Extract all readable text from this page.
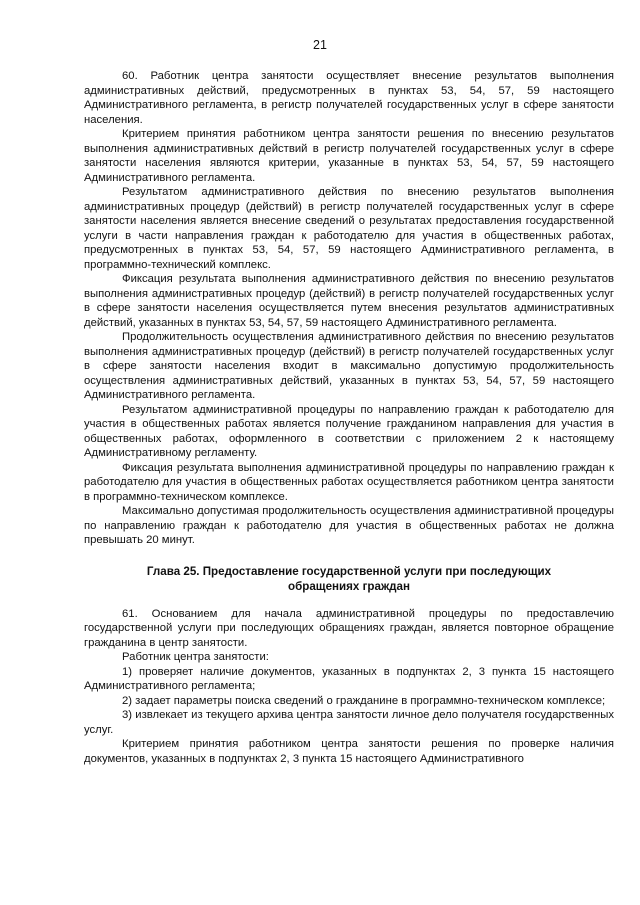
21

60. Работник центра занятости осуществляет внесение результатов выполнения административных действий, предусмотренных в пунктах 53, 54, 57, 59 настоящего Административного регламента, в регистр получателей государственных услуг в сфере занятости населения.

Критерием принятия работником центра занятости решения по внесению результатов выполнения административных действий в регистр получателей государственных услуг в сфере занятости населения являются критерии, указанные в пунктах 53, 54, 57, 59 настоящего Административного регламента.

Результатом административного действия по внесению результатов выполнения административных процедур (действий) в регистр получателей государственных услуг в сфере занятости населения является внесение сведений о результатах предоставления государственной услуги в части направления граждан к работодателю для участия в общественных работах, предусмотренных в пунктах 53, 54, 57, 59 настоящего Административного регламента, в программно-технический комплекс.

Фиксация результата выполнения административного действия по внесению результатов выполнения административных процедур (действий) в регистр получателей государственных услуг в сфере занятости населения осуществляется путем внесения результатов административных действий, указанных в пунктах 53, 54, 57, 59 настоящего Административного регламента.

Продолжительность осуществления административного действия по внесению результатов выполнения административных процедур (действий) в регистр получателей государственных услуг в сфере занятости населения входит в максимально допустимую продолжительность осуществления административных действий, указанных в пунктах 53, 54, 57, 59 настоящего Административного регламента.

Результатом административной процедуры по направлению граждан к работодателю для участия в общественных работах является получение гражданином направления для участия в общественных работах, оформленного в соответствии с приложением 2 к настоящему Административному регламенту.

Фиксация результата выполнения административной процедуры по направлению граждан к работодателю для участия в общественных работах осуществляется работником центра занятости в программно-техническом комплексе.

Максимально допустимая продолжительность осуществления административной процедуры по направлению граждан к работодателю для участия в общественных работах не должна превышать 20 минут.

Глава 25. Предоставление государственной услуги при последующих обращениях граждан

61. Основанием для начала административной процедуры по предоставлечию государственной услуги при последующих обращениях граждан, является повторное обращение гражданина в центр занятости.

Работник центра занятости:

1) проверяет наличие документов, указанных в подпунктах 2, 3 пункта 15 настоящего Административного регламента;

2) задает параметры поиска сведений о гражданине в программно-техническом комплексе;

3) извлекает из текущего архива центра занятости личное дело получателя государственных услуг.

Критерием принятия работником центра занятости решения по проверке наличия документов, указанных в подпунктах 2, 3 пункта 15 настоящего Административного
